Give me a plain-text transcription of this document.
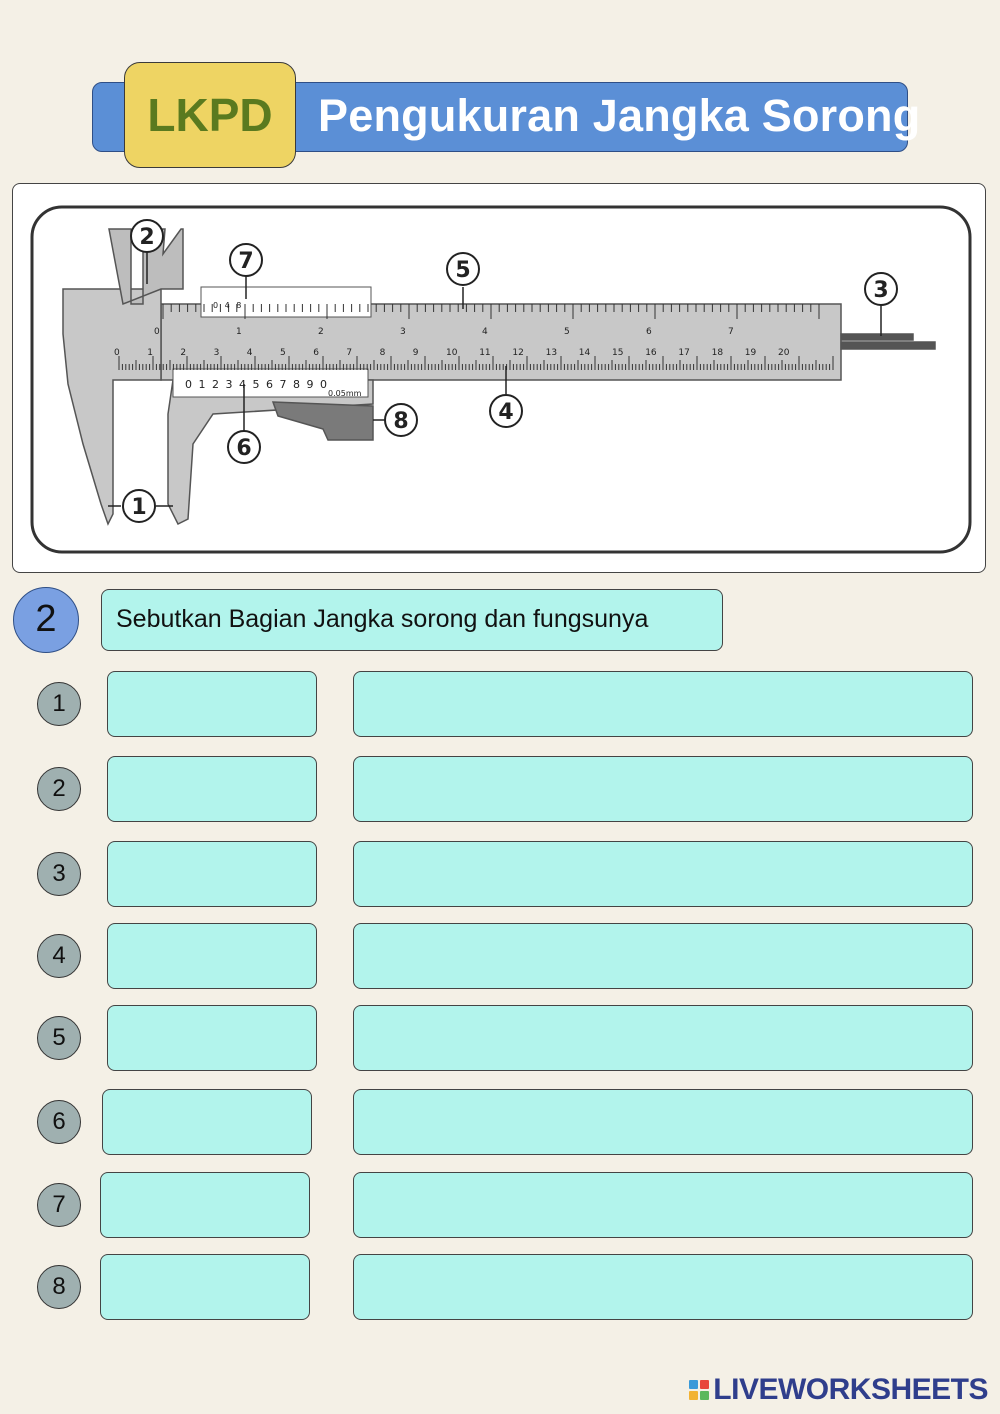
Pengukuran Jangka Sorong
LKPD
0	1	2	3	4	5	6	7
0	1	2	3	4	5	6	7	8	9	10 11 12 13 14 15 16 17 18 19 20
0 1 2 3 4 5 6 7 8 9 0
0 4 8
0.05mm
1
2
3
4
5
6
7
8
2	Sebutkan Bagian Jangka sorong dan fungsunya
1
2
3
4
5
6
7
8
LIVEWORKSHEETS
